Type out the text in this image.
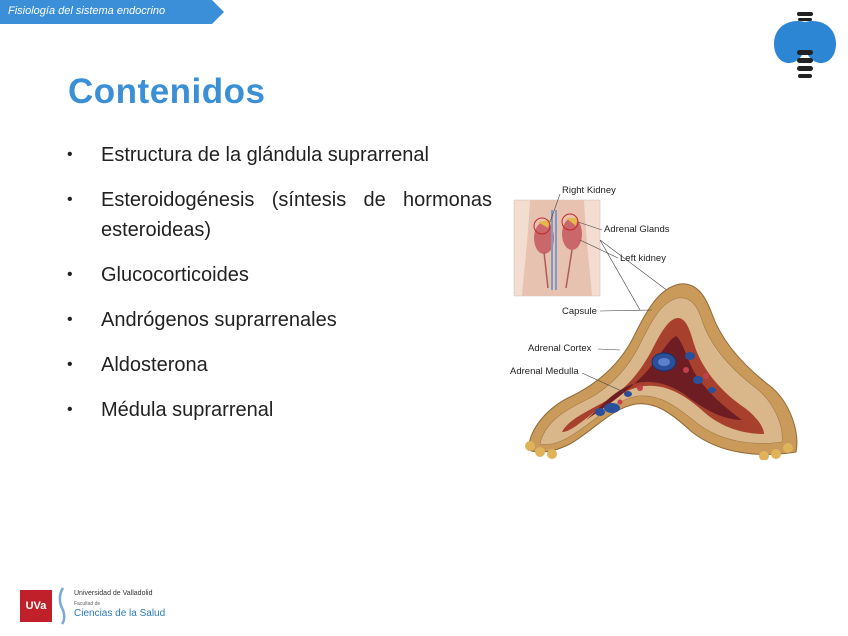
Fisiología del sistema endocrino
Contenidos
• Estructura de la glándula suprarrenal
• Esteroidogénesis (síntesis de hormonas esteroideas)
• Glucocorticoides
• Andrógenos suprarrenales
• Aldosterona
• Médula suprarrenal
Right Kidney
Adrenal Glands
Left kidney
Capsule
Adrenal Cortex
Adrenal Medulla
UVa
Universidad de Valladolid
Facultad de
Ciencias de la Salud
